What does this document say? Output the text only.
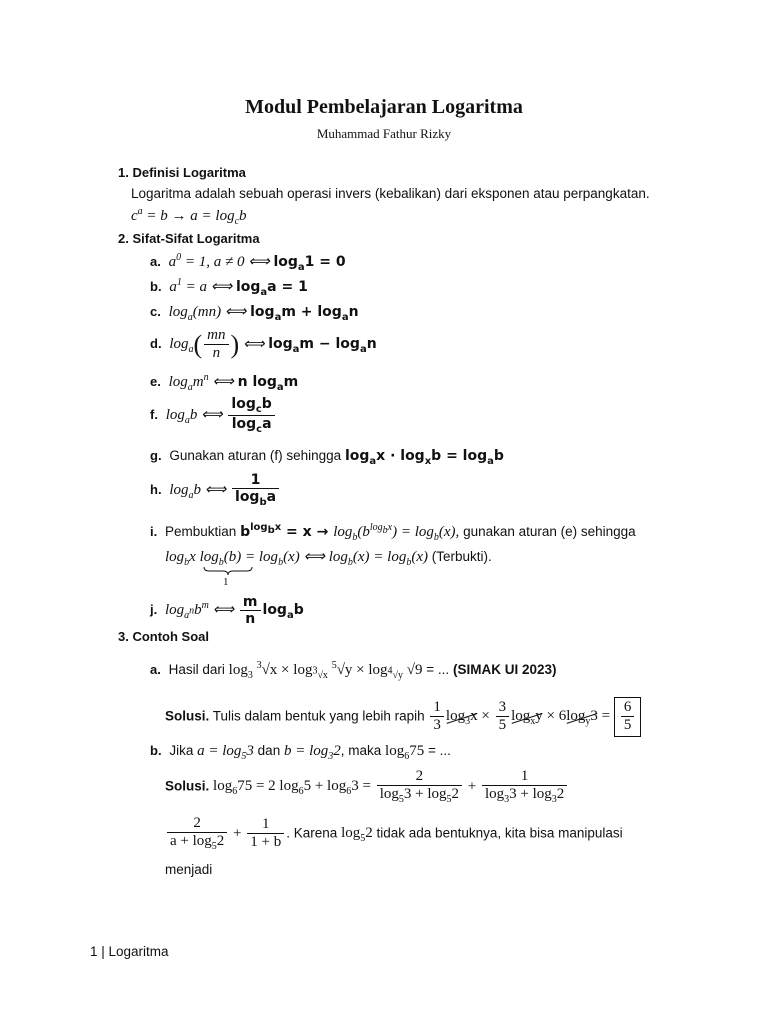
Modul Pembelajaran Logaritma
Muhammad Fathur Rizky
1. Definisi Logaritma
Logaritma adalah sebuah operasi invers (kebalikan) dari eksponen atau perpangkatan.
$c^a = b \to a = \log_cb$
2. Sifat-Sifat Logaritma
a. $a^0 = 1$, a ≠ 0 ⟺ $\log_a1 = 0$
b. $a^1 = a$ ⟺ $\log_aa = 1$
c. $\log_a(mn)$ ⟺ $\log_am + \log_an$
d. $\log_a( \frac{mn}{n}$ ) ⟺ $\log_am - \log_an$
e. $\log_am^n$ ⟺ n $\log_am$
f. $\log_ab$ ⟺ $\frac{\log_cb}{\log_ca}$
g. Gunakan aturan (f) sehingga $\log_ax \cdot \log_xb = \log_ab$
h. $\log_ab$ ⟺ $\frac{1}{\log_ba}$
i. Pembuktian $b^{log_bx} = x \to \log_b(b^{log_bx}) = \log_b(x)$, gunakan aturan (e) sehingga
$\log_bx$ $\log_b(b) = \log_b(x)$ ⟺ $\log_b(x) = \log_b(x)$ (Terbukti).
1
j. $\log_{a^n}b^m$ ⟺ $\frac{m}{n} \log_ab$
3. Contoh Soal
a. Hasil dari $\log_3 ^3√x \times \log_{^3√x} ^5√y \times \log_{^4√y} √9$ = ... (SIMAK UI 2023)
Solusi. Tulis dalam bentuk yang lebih rapih $\frac{1}{3} \log_3x \times \frac{3}{5} \log_xy \times 6\log_y3 = \frac{6}{5}$
b. Jika $a = \log_53$ dan $b = \log_32$, maka $\log_675$ = ...
Solusi. $\log_675 = 2$ $\log_65 + \log_63 = \frac{2}{\log_53 + \log_52} + \frac{1}{\log_33 + \log_32}$
$\frac{2}{a + \log_52} + \frac{1}{1 + b}$ . Karena $\log_52$ tidak ada bentuknya, kita bisa manipulasi
menjadi
1 | Logaritma
